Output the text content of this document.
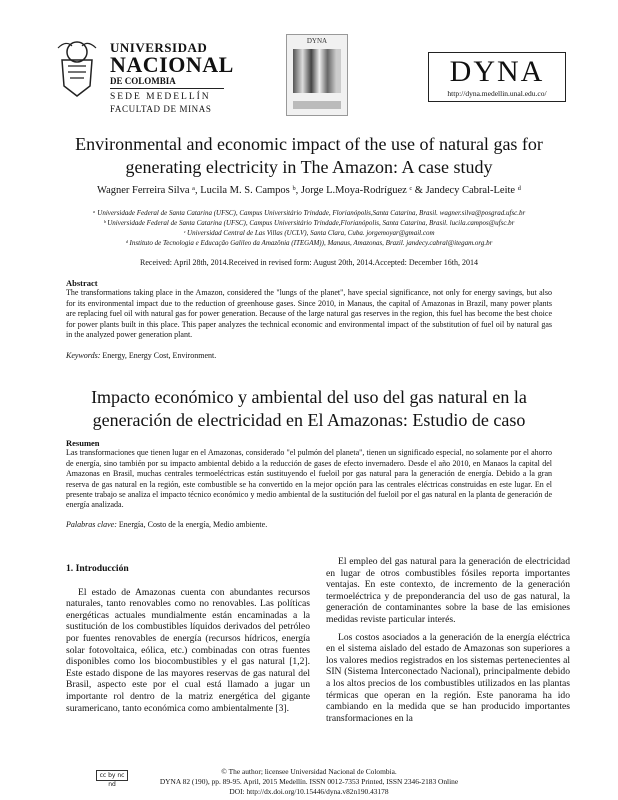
UNIVERSIDAD
NACIONAL
DE COLOMBIA
SEDE MEDELLÍN
FACULTAD DE MINAS
DYNA
DYNA
http://dyna.medellin.unal.edu.co/
Environmental and economic impact of the use of natural gas for
generating electricity in The Amazon: A case study
Wagner Ferreira Silva ᵃ, Lucila M. S. Campos ᵇ, Jorge L.Moya-Rodríguez ᶜ & Jandecy Cabral-Leite ᵈ
ᵃ Universidade Federal de Santa Catarina (UFSC), Campus Universitário Trindade, Florianópolis,Santa Catarina, Brasil. wagner.silva@posgrad.ufsc.br
ᵇ Universidade Federal de Santa Catarina (UFSC), Campus Universitário Trindade,Florianópolis, Santa Catarina, Brasil. lucila.campos@ufsc.br
ᶜ Universidad Central de Las Villas (UCLV), Santa Clara, Cuba. jorgemoyar@gmail.com
ᵈ Instituto de Tecnologia e Educação Galileo da Amazônia (ITEGAM)), Manaus, Amazonas, Brazil. jandecy.cabral@itegam.org.br
Received: April 28th, 2014.Received in revised form: August 20th, 2014.Accepted: December 16th, 2014
Abstract
The transformations taking place in the Amazon, considered the "lungs of the planet", have special significance, not only for energy savings, but also for its environmental impact due to the reduction of greenhouse gases. Since 2010, in Manaus, the capital of Amazonas in Brazil, many power plants are replacing fuel oil with natural gas for power generation. Because of the large natural gas reserves in the region, this fuel has become the best choice for power plants built in this place. This paper analyzes the technical economic and environmental impact of the substitution of fuel oil by natural gas in the analyzed power generation plant.
Keywords: Energy, Energy Cost, Environment.
Impacto económico y ambiental del uso del gas natural en la
generación de electricidad en El Amazonas: Estudio de caso
Resumen
Las transformaciones que tienen lugar en el Amazonas, considerado "el pulmón del planeta", tienen un significado especial, no solamente por el ahorro de energía, sino también por su impacto ambiental debido a la reducción de gases de efecto invernadero. Desde el año 2010, en Manaos la capital del Amazonas en Brasil, muchas centrales termoeléctricas están sustituyendo el fueloil por gas natural para la generación de energía. Debido a la gran reserva de gas natural en la región, este combustible se ha convertido en la mejor opción para las centrales eléctricas construidas en este lugar. En el presente trabajo se analiza el impacto técnico económico y medio ambiental de la sustitución del fueloil por el gas natural en la planta de generación de energía analizada.
Palabras clave: Energía, Costo de la energía, Medio ambiente.
1. Introducción

El estado de Amazonas cuenta con abundantes recursos naturales, tanto renovables como no renovables. Las políticas energéticas actuales mundialmente están encaminadas a la sustitución de los combustibles líquidos derivados del petróleo por fuentes renovables de energía (recursos hídricos, energía solar fotovoltaica, eólica, etc.) combinadas con otras fuentes disponibles como los biocombustibles y el gas natural [1,2]. Este estado dispone de las mayores reservas de gas natural del Brasil, aspecto este por el cual está llamado a jugar un importante rol dentro de la matriz energética del gigante suramericano, tanto económica como ambientalmente [3].

El empleo del gas natural para la generación de electricidad en lugar de otros combustibles fósiles reporta importantes ventajas. En este contexto, de incremento de la generación termoeléctrica y de preponderancia del uso de gas natural, la generación de contaminantes sobre la base de las emisiones medidas reviste particular interés.

Los costos asociados a la generación de la energía eléctrica en el sistema aislado del estado de Amazonas son superiores a los valores medios registrados en los sistemas pertenecientes al SIN (Sistema Interconectado Nacional), principalmente debido a los altos precios de los combustibles utilizados en las plantas térmicas que operan en la región. Este panorama ha ido cambiando en la medida que se han producido importantes transformaciones en la

cc by nc nd
© The author; licensee Universidad Nacional de Colombia.
DYNA 82 (190), pp. 89-95. April, 2015 Medellín. ISSN 0012-7353 Printed, ISSN 2346-2183 Online
DOI: http://dx.doi.org/10.15446/dyna.v82n190.43178
